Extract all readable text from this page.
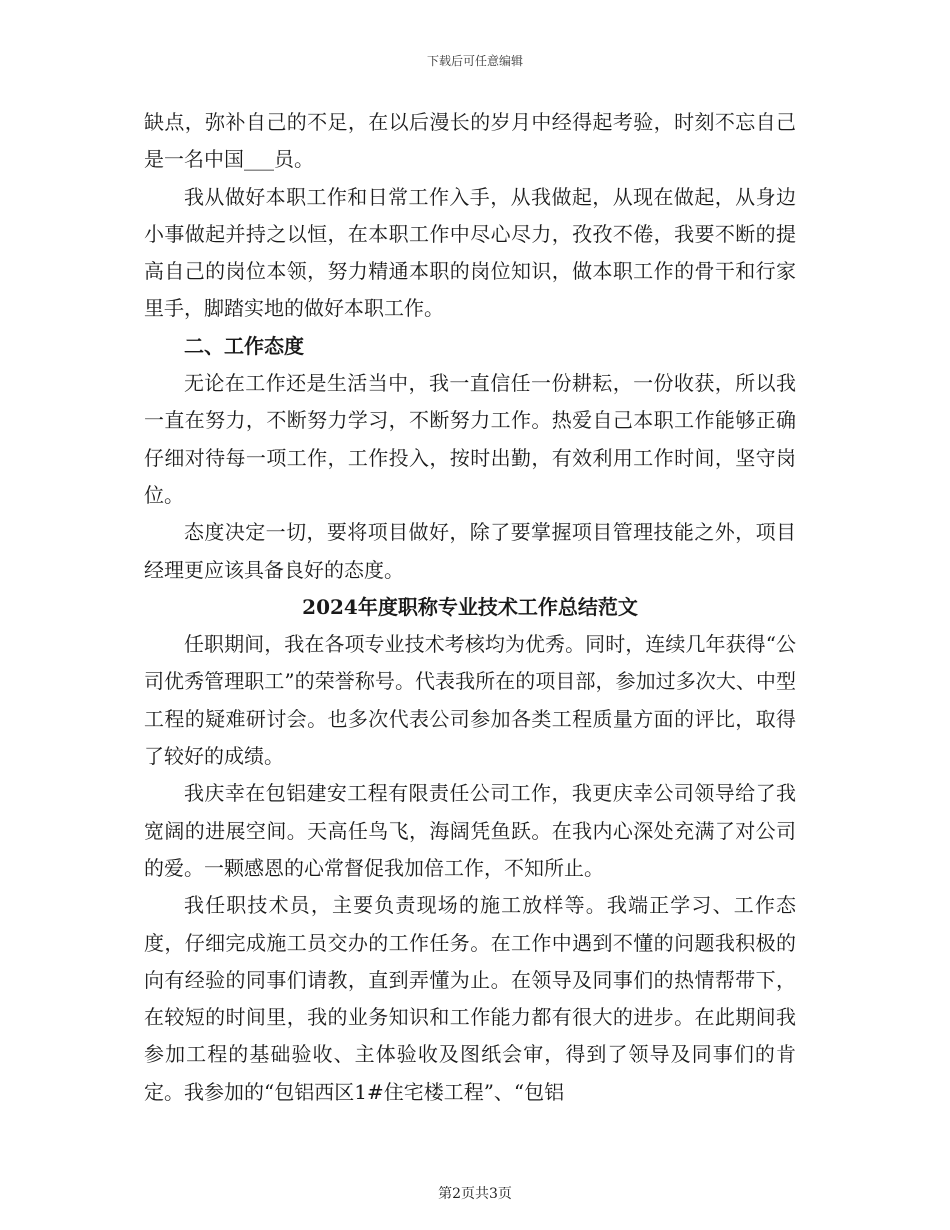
下载后可任意编辑

缺点，弥补自己的不足，在以后漫长的岁月中经得起考验，时刻不忘自己是一名中国___员。

我从做好本职工作和日常工作入手，从我做起，从现在做起，从身边小事做起并持之以恒，在本职工作中尽心尽力，孜孜不倦，我要不断的提高自己的岗位本领，努力精通本职的岗位知识，做本职工作的骨干和行家里手，脚踏实地的做好本职工作。

二、工作态度

无论在工作还是生活当中，我一直信任一份耕耘，一份收获，所以我一直在努力，不断努力学习，不断努力工作。热爱自己本职工作能够正确仔细对待每一项工作，工作投入，按时出勤，有效利用工作时间，坚守岗位。

态度决定一切，要将项目做好，除了要掌握项目管理技能之外，项目经理更应该具备良好的态度。

2024年度职称专业技术工作总结范文

任职期间，我在各项专业技术考核均为优秀。同时，连续几年获得“公司优秀管理职工”的荣誉称号。代表我所在的项目部，参加过多次大、中型工程的疑难研讨会。也多次代表公司参加各类工程质量方面的评比，取得了较好的成绩。

我庆幸在包铝建安工程有限责任公司工作，我更庆幸公司领导给了我宽阔的进展空间。天高任鸟飞，海阔凭鱼跃。在我内心深处充满了对公司的爱。一颗感恩的心常督促我加倍工作，不知所止。

我任职技术员，主要负责现场的施工放样等。我端正学习、工作态度，仔细完成施工员交办的工作任务。在工作中遇到不懂的问题我积极的向有经验的同事们请教，直到弄懂为止。在领导及同事们的热情帮带下，在较短的时间里，我的业务知识和工作能力都有很大的进步。在此期间我参加工程的基础验收、主体验收及图纸会审，得到了领导及同事们的肯定。我参加的“包铝西区1#住宅楼工程”、“包铝

第2页共3页
